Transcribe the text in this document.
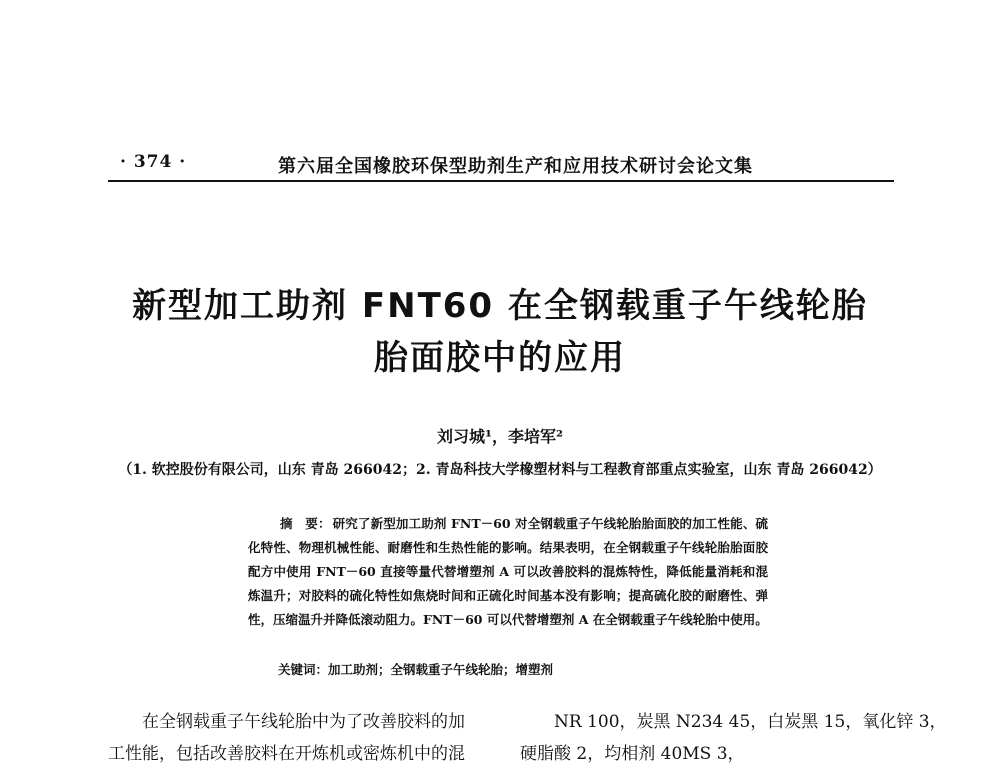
· 374 ·	第六届全国橡胶环保型助剂生产和应用技术研讨会论文集
新型加工助剂 FNT60 在全钢载重子午线轮胎
胎面胶中的应用
刘习城¹，李培军²
（1. 软控股份有限公司，山东 青岛 266042；2. 青岛科技大学橡塑材料与工程教育部重点实验室，山东 青岛 266042）
摘　要： 研究了新型加工助剂 FNT－60 对全钢载重子午线轮胎胎面胶的加工性能、硫化特性、物理机械性能、耐磨性和生热性能的影响。结果表明，在全钢载重子午线轮胎胎面胶配方中使用 FNT－60 直接等量代替增塑剂 A 可以改善胶料的混炼特性，降低能量消耗和混炼温升；对胶料的硫化特性如焦烧时间和正硫化时间基本没有影响；提高硫化胶的耐磨性、弹性，压缩温升并降低滚动阻力。FNT－60 可以代替增塑剂 A 在全钢载重子午线轮胎中使用。
关键词：加工助剂；全钢载重子午线轮胎；增塑剂
在全钢载重子午线轮胎中为了改善胶料的加
工性能，包括改善胶料在开炼机或密炼机中的混
NR 100，炭黑 N234 45，白炭黑 15，氧化锌 3，
硬脂酸 2，均相剂 40MS 3，
